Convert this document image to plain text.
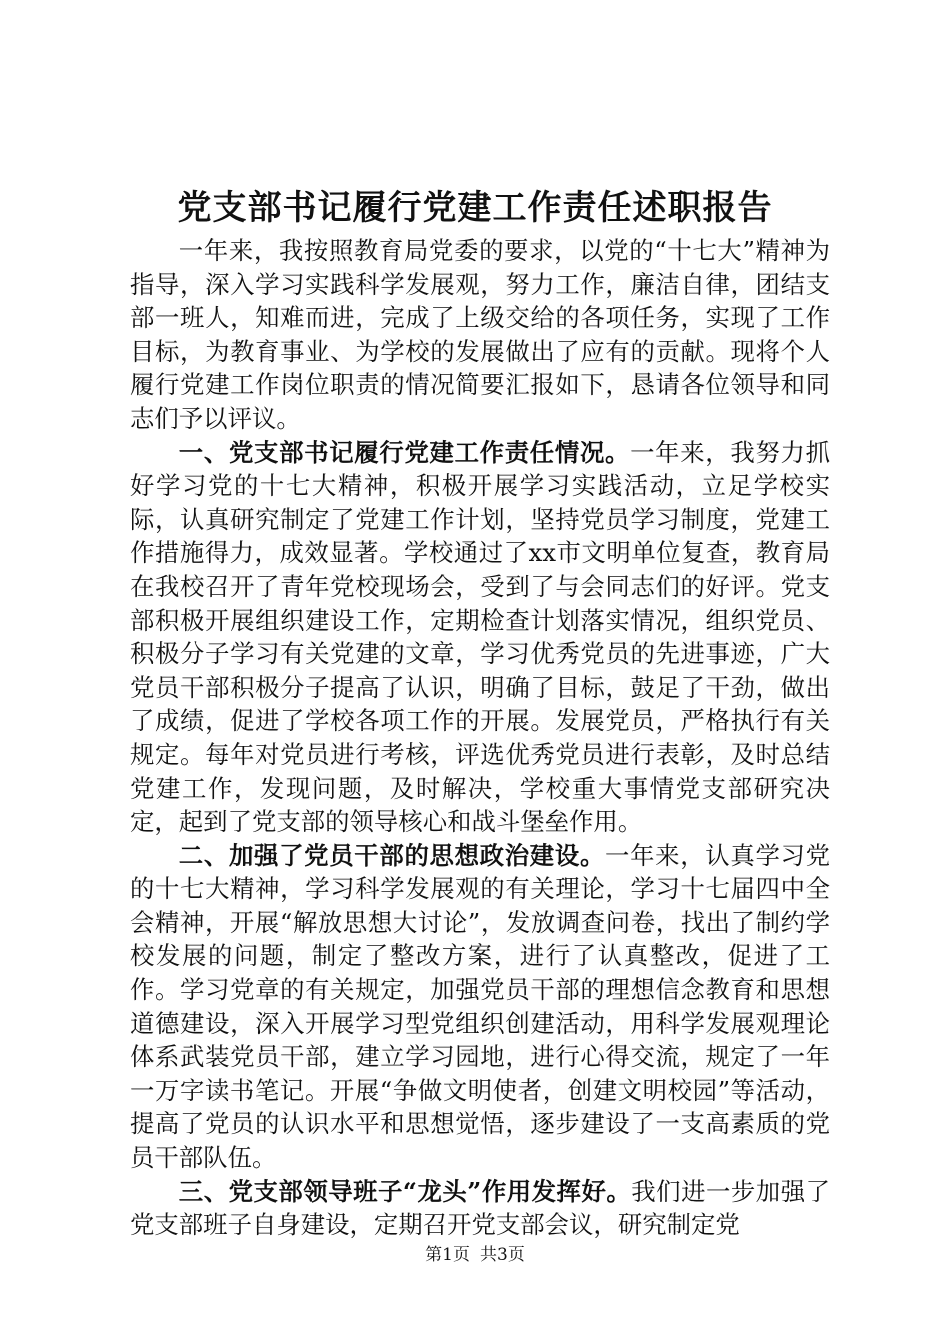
党支部书记履行党建工作责任述职报告

一年来，我按照教育局党委的要求，以党的“十七大”精神为指导，深入学习实践科学发展观，努力工作，廉洁自律，团结支部一班人，知难而进，完成了上级交给的各项任务，实现了工作目标，为教育事业、为学校的发展做出了应有的贡献。现将个人履行党建工作岗位职责的情况简要汇报如下，恳请各位领导和同志们予以评议。

一、党支部书记履行党建工作责任情况。一年来，我努力抓好学习党的十七大精神，积极开展学习实践活动，立足学校实际，认真研究制定了党建工作计划，坚持党员学习制度，党建工作措施得力，成效显著。学校通过了xx市文明单位复查，教育局在我校召开了青年党校现场会，受到了与会同志们的好评。党支部积极开展组织建设工作，定期检查计划落实情况，组织党员、积极分子学习有关党建的文章，学习优秀党员的先进事迹，广大党员干部积极分子提高了认识，明确了目标，鼓足了干劲，做出了成绩，促进了学校各项工作的开展。发展党员，严格执行有关规定。每年对党员进行考核，评选优秀党员进行表彰，及时总结党建工作，发现问题，及时解决，学校重大事情党支部研究决定，起到了党支部的领导核心和战斗堡垒作用。

二、加强了党员干部的思想政治建设。一年来，认真学习党的十七大精神，学习科学发展观的有关理论，学习十七届四中全会精神，开展“解放思想大讨论”，发放调查问卷，找出了制约学校发展的问题，制定了整改方案，进行了认真整改，促进了工作。学习党章的有关规定，加强党员干部的理想信念教育和思想道德建设，深入开展学习型党组织创建活动，用科学发展观理论体系武装党员干部，建立学习园地，进行心得交流，规定了一年一万字读书笔记。开展“争做文明使者，创建文明校园”等活动，提高了党员的认识水平和思想觉悟，逐步建设了一支高素质的党员干部队伍。

三、党支部领导班子“龙头”作用发挥好。我们进一步加强了党支部班子自身建设，定期召开党支部会议，研究制定党

第1页 共3页
